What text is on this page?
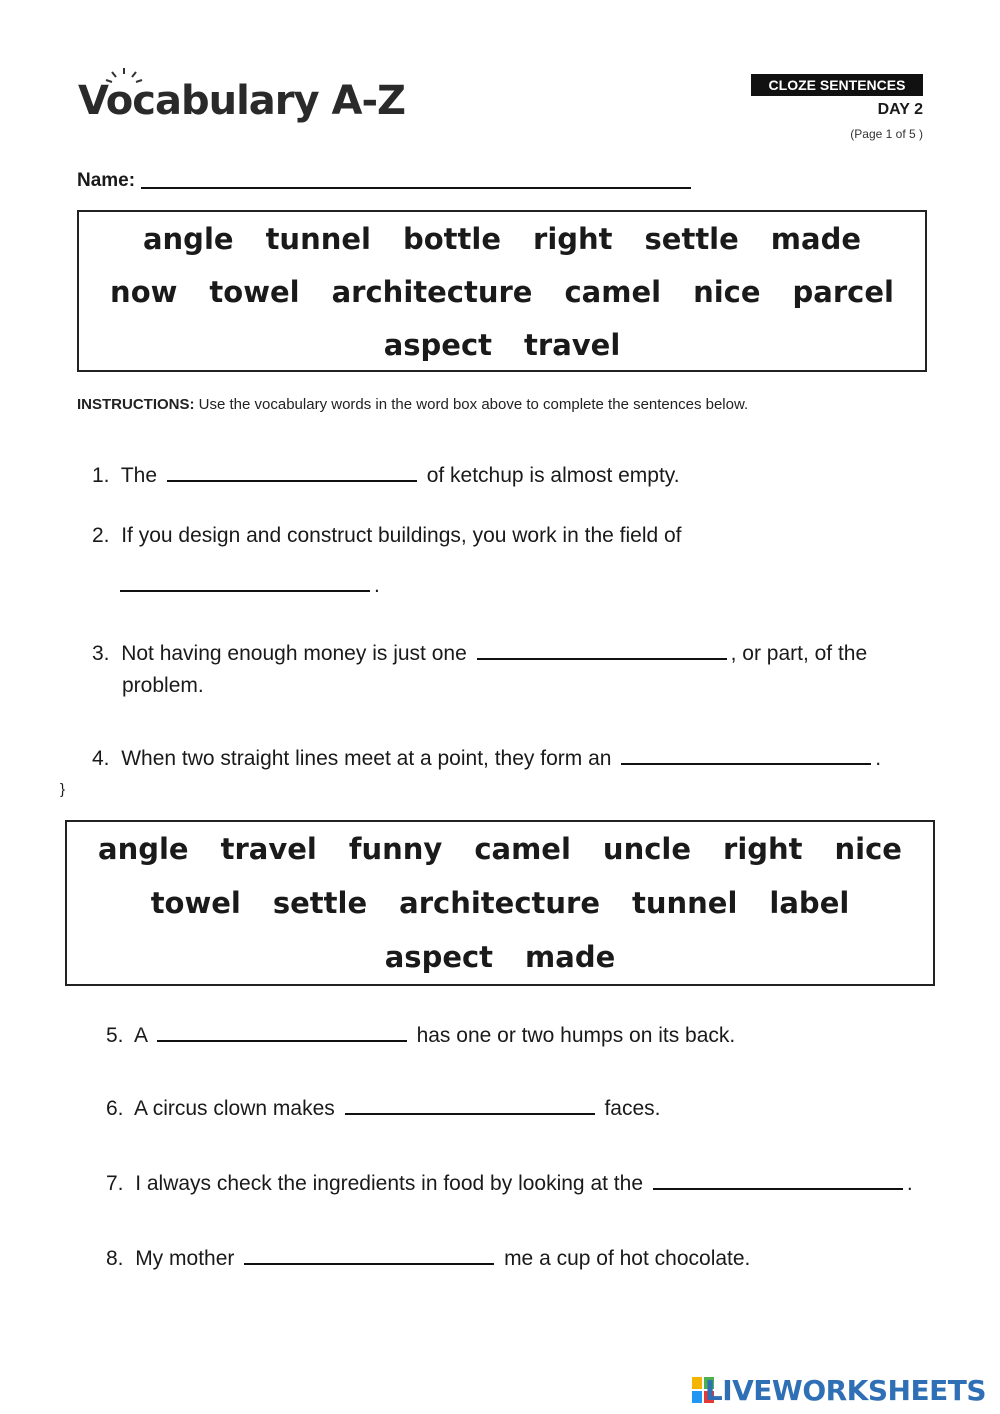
Vocabulary A-Z	CLOZE SENTENCES
DAY 2
(Page 1 of 5 )
Name:
angle tunnel bottle right settle made
now towel architecture camel nice parcel
aspect travel
INSTRUCTIONS: Use the vocabulary words in the word box above to complete the sentences below.
1. The	of ketchup is almost empty.
2. If you design and construct buildings, you work in the field of
.
3. Not having enough money is just one	, or part, of the
problem.
4. When two straight lines meet at a point, they form an	.
}
angle travel funny camel uncle right nice
towel settle architecture tunnel label
aspect made
5. A	has one or two humps on its back.
6. A circus clown makes	faces.
7. I always check the ingredients in food by looking at the	.
8. My mother	me a cup of hot chocolate.
LIVEWORKSHEETS
